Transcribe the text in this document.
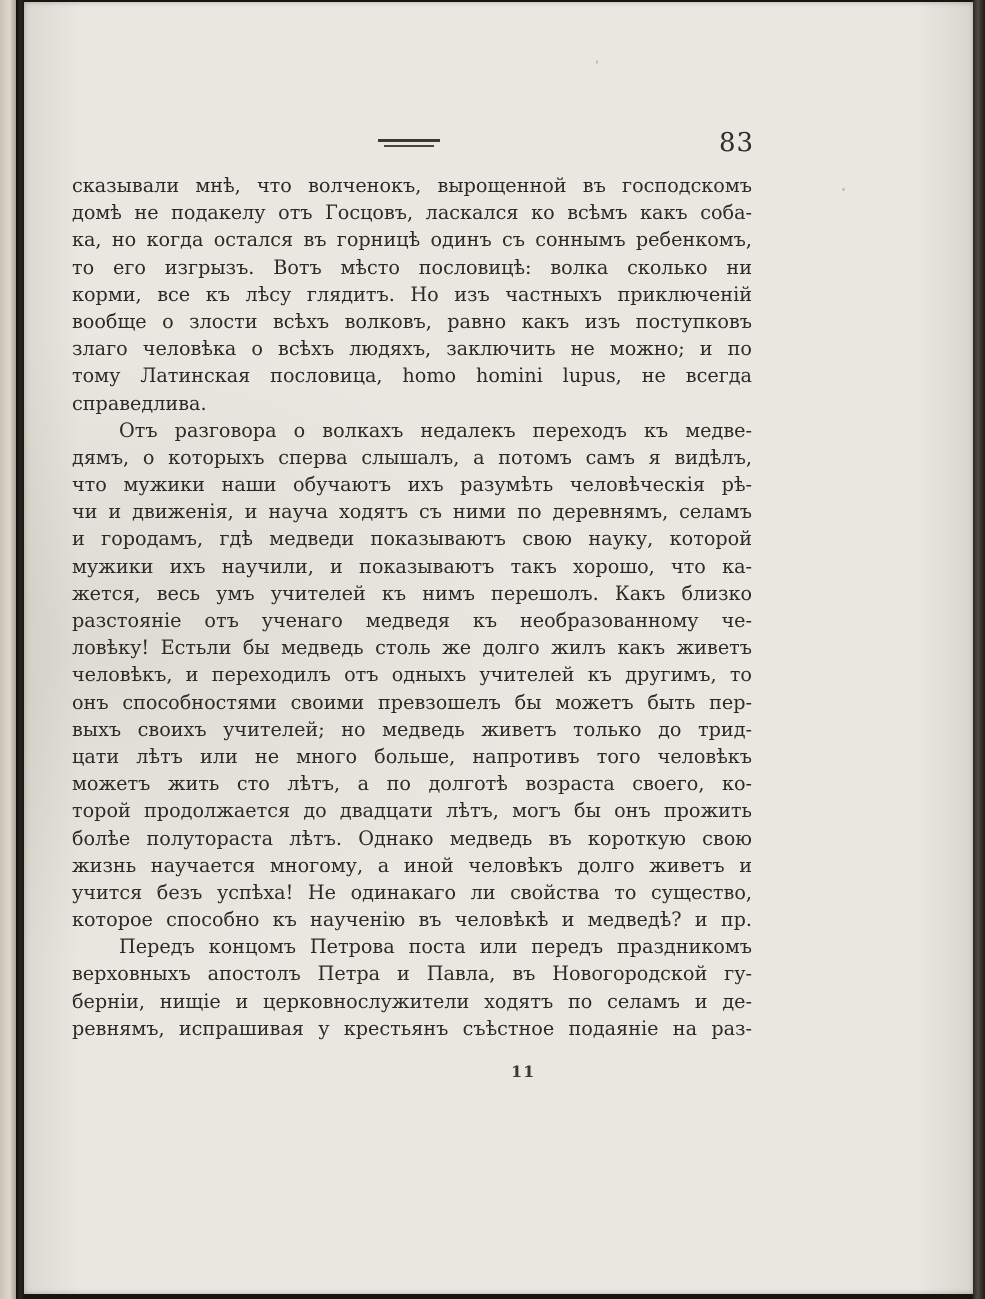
83
сказывали мнѣ, что волченокъ, вырощенной въ господскомъ
домѣ не подакелу отъ Госцовъ, ласкался ко всѣмъ какъ соба-
ка, но когда остался въ горницѣ одинъ съ соннымъ ребенкомъ,
то его изгрызъ. Вотъ мѣсто пословицѣ: волка сколько ни
корми, все къ лѣсу глядитъ. Но изъ частныхъ приключеній
вообще о злости всѣхъ волковъ, равно какъ изъ поступковъ
злаго человѣка о всѣхъ людяхъ, заключить не можно; и по
тому Латинская пословица, homo homini lupus, не всегда
справедлива.
Отъ разговора о волкахъ недалекъ переходъ къ медве-
дямъ, о которыхъ сперва слышалъ, а потомъ самъ я видѣлъ,
что мужики наши обучаютъ ихъ разумѣть человѣческія рѣ-
чи и движенія, и научa ходятъ съ ними по деревнямъ, селамъ
и городамъ, гдѣ медведи показываютъ свою науку, которой
мужики ихъ научили, и показываютъ такъ хорошо, что ка-
жется, весь умъ учителей къ нимъ перешолъ. Какъ близко
разстояніе отъ ученаго медведя къ необразованному че-
ловѣку! Естьли бы медведь столь же долго жилъ какъ живетъ
человѣкъ, и переходилъ отъ одныхъ учителей къ другимъ, то
онъ способностями своими превзошелъ бы можетъ быть пер-
выхъ своихъ учителей; но медведь живетъ только до трид-
цати лѣтъ или не много больше, напротивъ того человѣкъ
можетъ жить сто лѣтъ, а по долготѣ возраста своего, ко-
торой продолжается до двадцати лѣтъ, могъ бы онъ прожить
болѣе полутораста лѣтъ. Однако медведь въ короткую свою
жизнь научается многому, а иной человѣкъ долго живетъ и
учится безъ успѣха! Не одинакаго ли свойства то существо,
которое способно къ наученію въ человѣкѣ и медведѣ? и пр.
Передъ концомъ Петрова поста или передъ праздникомъ
верховныхъ апостолъ Петра и Павла, въ Новогородской гу-
берніи, нищіе и церковнослужители ходятъ по селамъ и де-
ревнямъ, испрашивая у крестьянъ съѣстное подаяніе на раз-
11
